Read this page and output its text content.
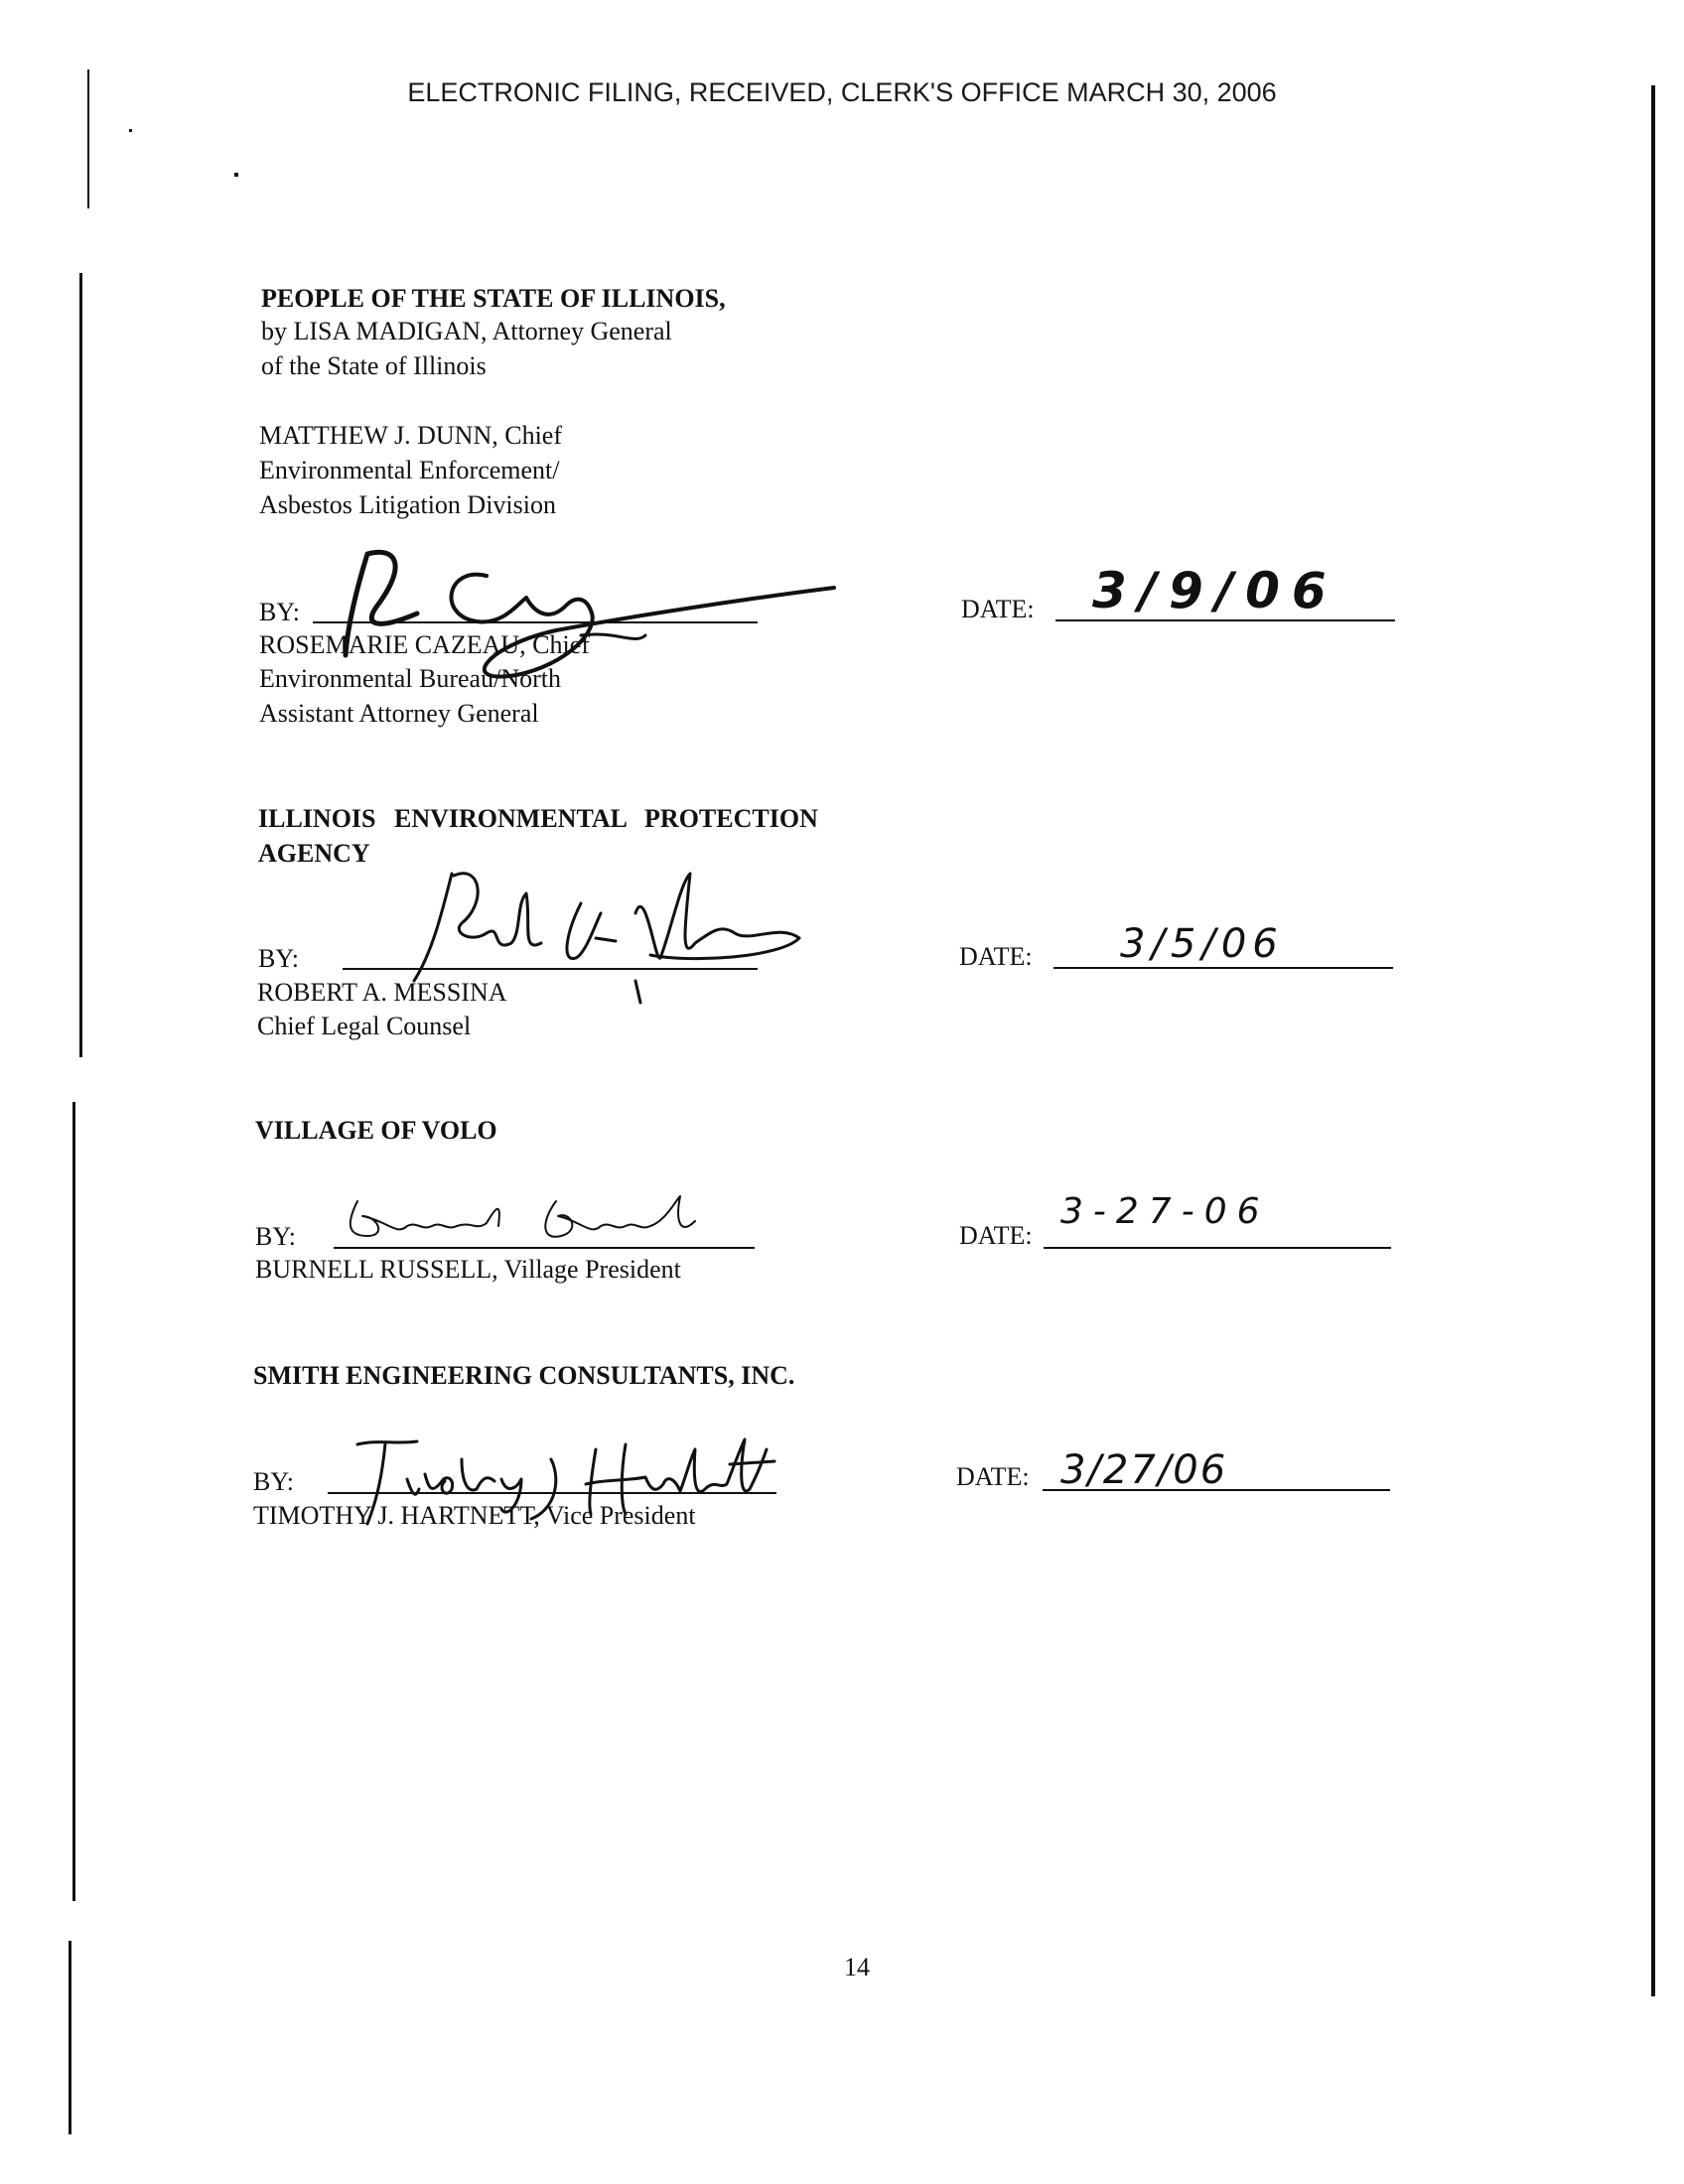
ELECTRONIC FILING, RECEIVED, CLERK'S OFFICE MARCH 30, 2006
PEOPLE OF THE STATE OF ILLINOIS,
by LISA MADIGAN, Attorney General
of the State of Illinois
MATTHEW J. DUNN, Chief
Environmental Enforcement/
Asbestos Litigation Division
BY:
ROSEMARIE CAZEAU, Chief
Environmental Bureau/North
Assistant Attorney General
DATE: 3/9/06
ILLINOIS ENVIRONMENTAL PROTECTION
AGENCY
BY:
ROBERT A. MESSINA
Chief Legal Counsel
DATE: 3/5/06
VILLAGE OF VOLO
BY:
BURNELL RUSSELL, Village President
DATE:
3-27-06
SMITH ENGINEERING CONSULTANTS, INC.
BY:
TIMOTHY J. HARTNETT, Vice President
DATE: 3/27/06
14
